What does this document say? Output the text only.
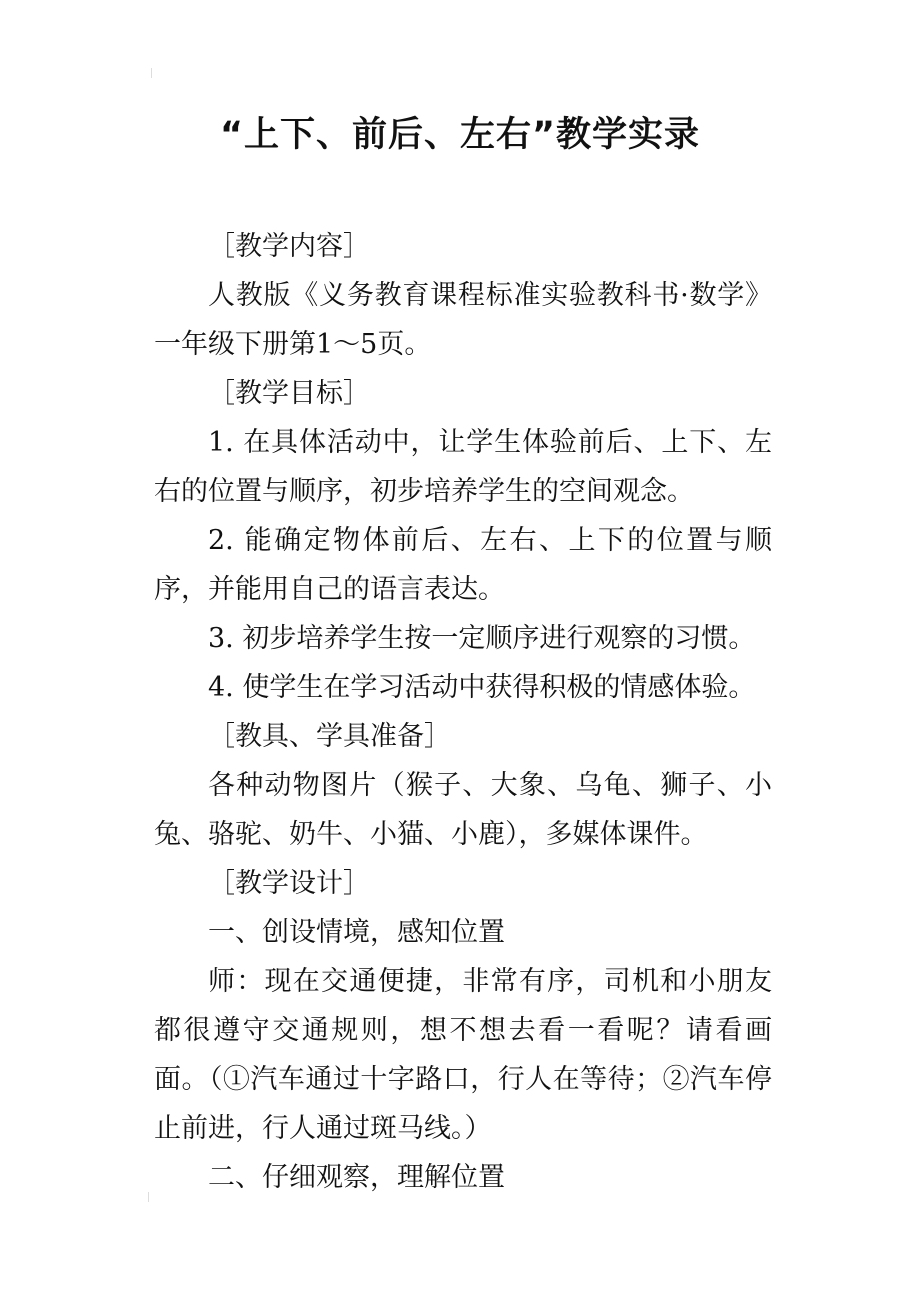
“上下、前后、左右”教学实录

［教学内容］

人教版《义务教育课程标准实验教科书·数学》一年级下册第1～5页。

［教学目标］

1. 在具体活动中，让学生体验前后、上下、左右的位置与顺序，初步培养学生的空间观念。

2. 能确定物体前后、左右、上下的位置与顺序，并能用自己的语言表达。

3. 初步培养学生按一定顺序进行观察的习惯。

4. 使学生在学习活动中获得积极的情感体验。

［教具、学具准备］

各种动物图片（猴子、大象、乌龟、狮子、小兔、骆驼、奶牛、小猫、小鹿），多媒体课件。

［教学设计］

一、创设情境，感知位置

师：现在交通便捷，非常有序，司机和小朋友都很遵守交通规则，想不想去看一看呢？请看画面。（①汽车通过十字路口，行人在等待；②汽车停止前进，行人通过斑马线。）

二、仔细观察，理解位置
